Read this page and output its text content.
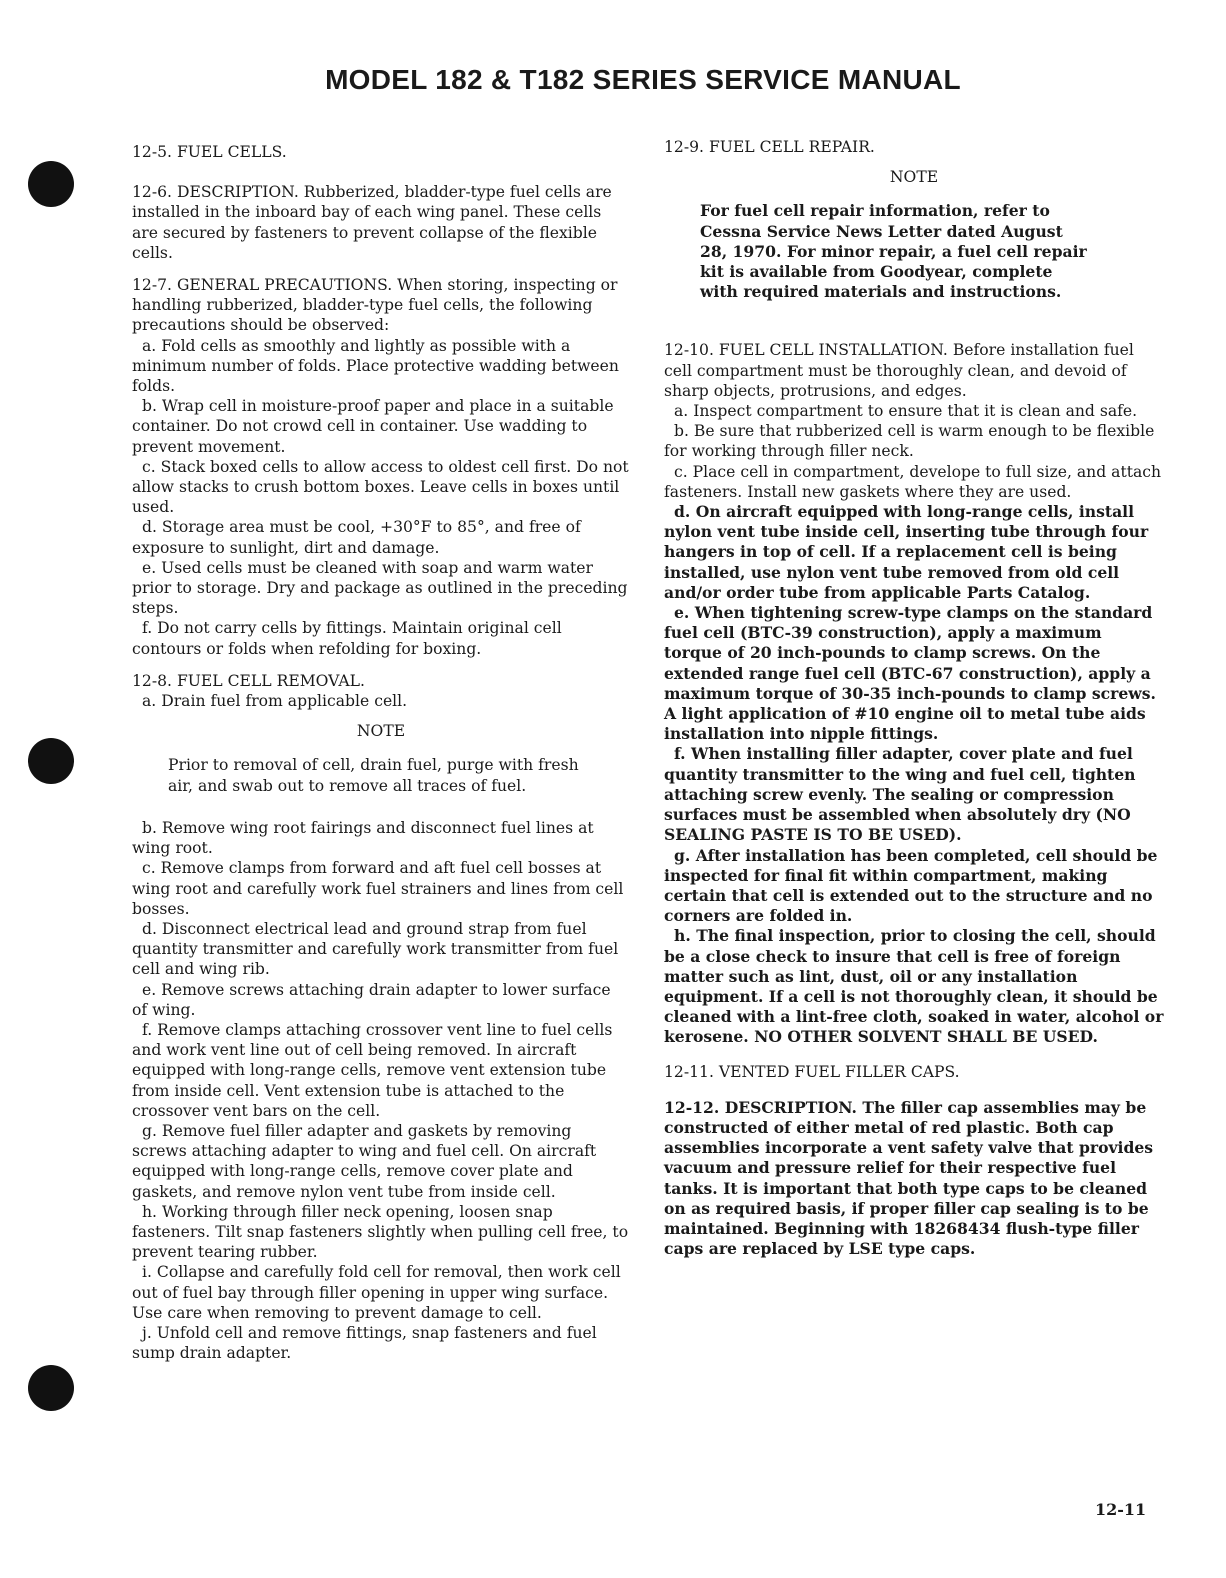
MODEL 182 & T182 SERIES SERVICE MANUAL

12-5. FUEL CELLS.

12-6. DESCRIPTION. Rubberized, bladder-type fuel cells are installed in the inboard bay of each wing panel. These cells are secured by fasteners to prevent collapse of the flexible cells.

12-7. GENERAL PRECAUTIONS. When storing, inspecting or handling rubberized, bladder-type fuel cells, the following precautions should be observed:

a. Fold cells as smoothly and lightly as possible with a minimum number of folds. Place protective wadding between folds.

b. Wrap cell in moisture-proof paper and place in a suitable container. Do not crowd cell in container. Use wadding to prevent movement.

c. Stack boxed cells to allow access to oldest cell first. Do not allow stacks to crush bottom boxes. Leave cells in boxes until used.

d. Storage area must be cool, +30°F to 85°, and free of exposure to sunlight, dirt and damage.

e. Used cells must be cleaned with soap and warm water prior to storage. Dry and package as outlined in the preceding steps.

f. Do not carry cells by fittings. Maintain original cell contours or folds when refolding for boxing.

12-8. FUEL CELL REMOVAL.

a. Drain fuel from applicable cell.

NOTE

Prior to removal of cell, drain fuel, purge with fresh air, and swab out to remove all traces of fuel.

b. Remove wing root fairings and disconnect fuel lines at wing root.

c. Remove clamps from forward and aft fuel cell bosses at wing root and carefully work fuel strainers and lines from cell bosses.

d. Disconnect electrical lead and ground strap from fuel quantity transmitter and carefully work transmitter from fuel cell and wing rib.

e. Remove screws attaching drain adapter to lower surface of wing.

f. Remove clamps attaching crossover vent line to fuel cells and work vent line out of cell being removed. In aircraft equipped with long-range cells, remove vent extension tube from inside cell. Vent extension tube is attached to the crossover vent bars on the cell.

g. Remove fuel filler adapter and gaskets by removing screws attaching adapter to wing and fuel cell. On aircraft equipped with long-range cells, remove cover plate and gaskets, and remove nylon vent tube from inside cell.

h. Working through filler neck opening, loosen snap fasteners. Tilt snap fasteners slightly when pulling cell free, to prevent tearing rubber.

i. Collapse and carefully fold cell for removal, then work cell out of fuel bay through filler opening in upper wing surface. Use care when removing to prevent damage to cell.

j. Unfold cell and remove fittings, snap fasteners and fuel sump drain adapter.

12-9. FUEL CELL REPAIR.

NOTE

For fuel cell repair information, refer to Cessna Service News Letter dated August 28, 1970. For minor repair, a fuel cell repair kit is available from Goodyear, complete with required materials and instructions.

12-10. FUEL CELL INSTALLATION. Before installation fuel cell compartment must be thoroughly clean, and devoid of sharp objects, protrusions, and edges.

a. Inspect compartment to ensure that it is clean and safe.

b. Be sure that rubberized cell is warm enough to be flexible for working through filler neck.

c. Place cell in compartment, develope to full size, and attach fasteners. Install new gaskets where they are used.

d. On aircraft equipped with long-range cells, install nylon vent tube inside cell, inserting tube through four hangers in top of cell. If a replacement cell is being installed, use nylon vent tube removed from old cell and/or order tube from applicable Parts Catalog.

e. When tightening screw-type clamps on the standard fuel cell (BTC-39 construction), apply a maximum torque of 20 inch-pounds to clamp screws. On the extended range fuel cell (BTC-67 construction), apply a maximum torque of 30-35 inch-pounds to clamp screws. A light application of #10 engine oil to metal tube aids installation into nipple fittings.

f. When installing filler adapter, cover plate and fuel quantity transmitter to the wing and fuel cell, tighten attaching screw evenly. The sealing or compression surfaces must be assembled when absolutely dry (NO SEALING PASTE IS TO BE USED).

g. After installation has been completed, cell should be inspected for final fit within compartment, making certain that cell is extended out to the structure and no corners are folded in.

h. The final inspection, prior to closing the cell, should be a close check to insure that cell is free of foreign matter such as lint, dust, oil or any installation equipment. If a cell is not thoroughly clean, it should be cleaned with a lint-free cloth, soaked in water, alcohol or kerosene. NO OTHER SOLVENT SHALL BE USED.

12-11. VENTED FUEL FILLER CAPS.

12-12. DESCRIPTION. The filler cap assemblies may be constructed of either metal of red plastic. Both cap assemblies incorporate a vent safety valve that provides vacuum and pressure relief for their respective fuel tanks. It is important that both type caps to be cleaned on as required basis, if proper filler cap sealing is to be maintained. Beginning with 18268434 flush-type filler caps are replaced by LSE type caps.

12-11
